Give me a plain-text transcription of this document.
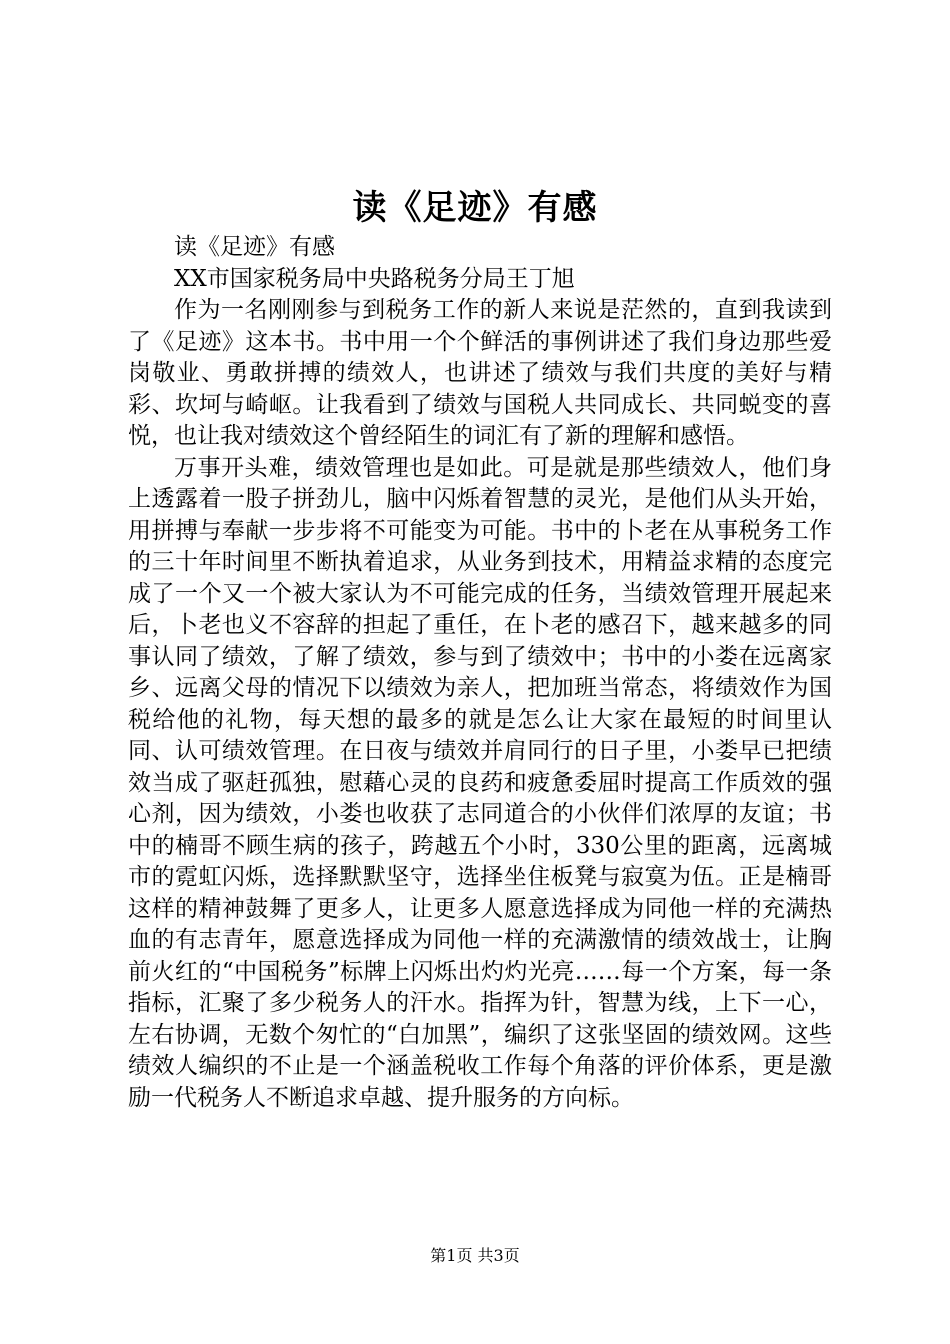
读《足迹》有感

读《足迹》有感

XX市国家税务局中央路税务分局王丁旭

作为一名刚刚参与到税务工作的新人来说是茫然的，直到我读到了《足迹》这本书。书中用一个个鲜活的事例讲述了我们身边那些爱岗敬业、勇敢拼搏的绩效人，也讲述了绩效与我们共度的美好与精彩、坎坷与崎岖。让我看到了绩效与国税人共同成长、共同蜕变的喜悦，也让我对绩效这个曾经陌生的词汇有了新的理解和感悟。

万事开头难，绩效管理也是如此。可是就是那些绩效人，他们身上透露着一股子拼劲儿，脑中闪烁着智慧的灵光，是他们从头开始，用拼搏与奉献一步步将不可能变为可能。书中的卜老在从事税务工作的三十年时间里不断执着追求，从业务到技术，用精益求精的态度完成了一个又一个被大家认为不可能完成的任务，当绩效管理开展起来后，卜老也义不容辞的担起了重任，在卜老的感召下，越来越多的同事认同了绩效，了解了绩效，参与到了绩效中；书中的小娄在远离家乡、远离父母的情况下以绩效为亲人，把加班当常态，将绩效作为国税给他的礼物，每天想的最多的就是怎么让大家在最短的时间里认同、认可绩效管理。在日夜与绩效并肩同行的日子里，小娄早已把绩效当成了驱赶孤独，慰藉心灵的良药和疲惫委屈时提高工作质效的强心剂，因为绩效，小娄也收获了志同道合的小伙伴们浓厚的友谊；书中的楠哥不顾生病的孩子，跨越五个小时，330公里的距离，远离城市的霓虹闪烁，选择默默坚守，选择坐住板凳与寂寞为伍。正是楠哥这样的精神鼓舞了更多人，让更多人愿意选择成为同他一样的充满热血的有志青年，愿意选择成为同他一样的充满激情的绩效战士，让胸前火红的“中国税务”标牌上闪烁出灼灼光亮……每一个方案，每一条指标，汇聚了多少税务人的汗水。指挥为针，智慧为线，上下一心，左右协调，无数个匆忙的“白加黑”，编织了这张坚固的绩效网。这些绩效人编织的不止是一个涵盖税收工作每个角落的评价体系，更是激励一代税务人不断追求卓越、提升服务的方向标。

第1页 共3页
